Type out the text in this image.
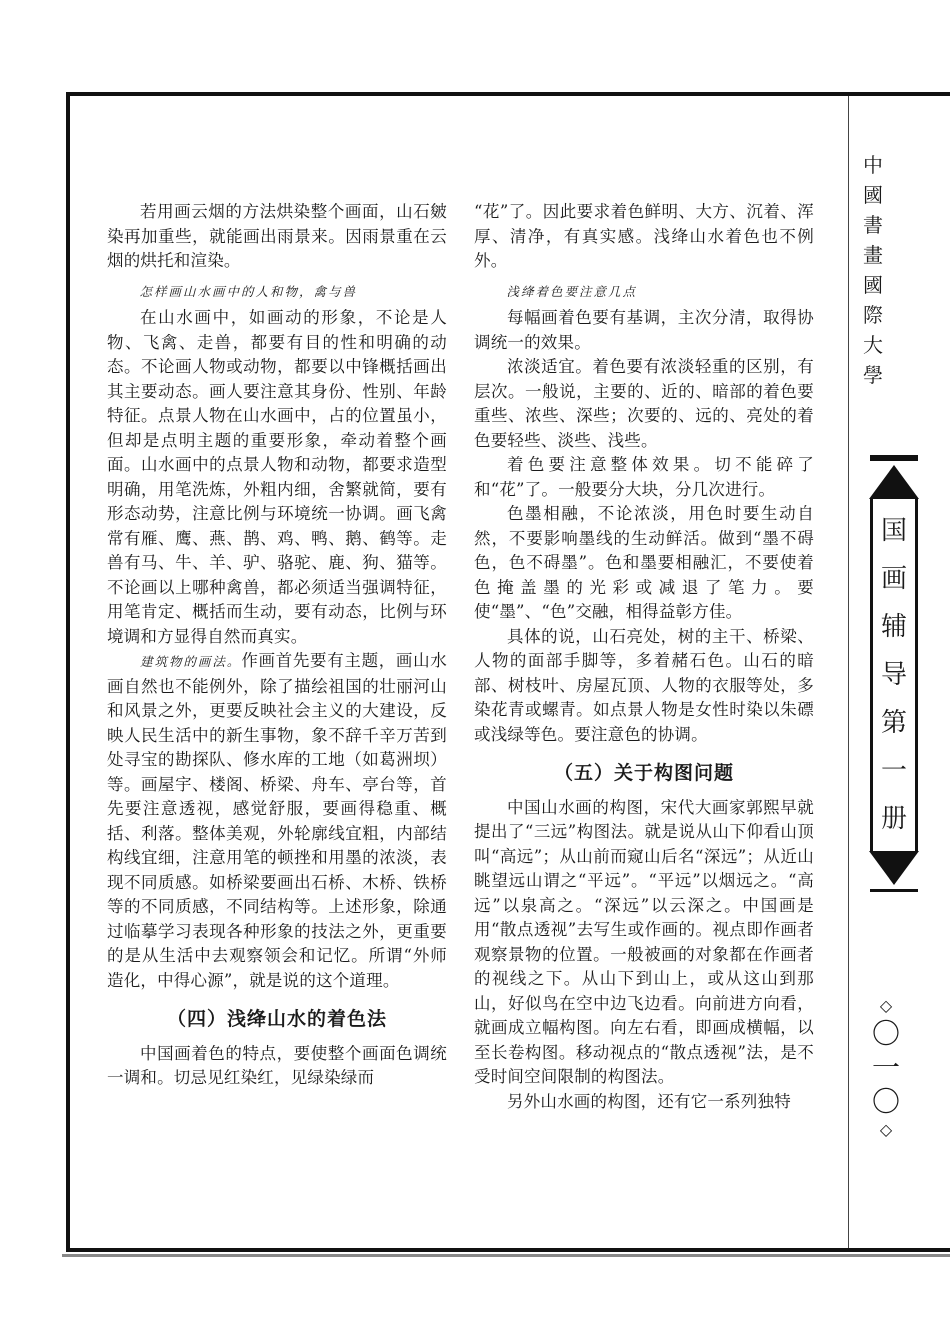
若用画云烟的方法烘染整个画面，山石皴染再加重些，就能画出雨景来。因雨景重在云烟的烘托和渲染。

怎样画山水画中的人和物，禽与兽

在山水画中，如画动的形象，不论是人物、飞禽、走兽，都要有目的性和明确的动态。不论画人物或动物，都要以中锋概括画出其主要动态。画人要注意其身份、性别、年龄特征。点景人物在山水画中，占的位置虽小，但却是点明主题的重要形象，牵动着整个画面。山水画中的点景人物和动物，都要求造型明确，用笔洗炼，外粗内细，舍繁就简，要有形态动势，注意比例与环境统一协调。画飞禽常有雁、鹰、燕、鹊、鸡、鸭、鹅、鹤等。走兽有马、牛、羊、驴、骆驼、鹿、狗、猫等。不论画以上哪种禽兽，都必须适当强调特征，用笔肯定、概括而生动，要有动态，比例与环境调和方显得自然而真实。

建筑物的画法。作画首先要有主题，画山水画自然也不能例外，除了描绘祖国的壮丽河山和风景之外，更要反映社会主义的大建设，反映人民生活中的新生事物，象不辞千辛万苦到处寻宝的勘探队、修水库的工地（如葛洲坝）等。画屋宇、楼阁、桥梁、舟车、亭台等，首先要注意透视，感觉舒服，要画得稳重、概括、利落。整体美观，外轮廓线宜粗，内部结构线宜细，注意用笔的顿挫和用墨的浓淡，表现不同质感。如桥梁要画出石桥、木桥、铁桥等的不同质感，不同结构等。上述形象，除通过临摹学习表现各种形象的技法之外，更重要的是从生活中去观察领会和记忆。所谓“外师造化，中得心源”，就是说的这个道理。

（四）浅绛山水的着色法

中国画着色的特点，要使整个画面色调统一调和。切忌见红染红，见绿染绿而

“花”了。因此要求着色鲜明、大方、沉着、浑厚、清净，有真实感。浅绛山水着色也不例外。

浅绛着色要注意几点

每幅画着色要有基调，主次分清，取得协调统一的效果。

浓淡适宜。着色要有浓淡轻重的区别，有层次。一般说，主要的、近的、暗部的着色要重些、浓些、深些；次要的、远的、亮处的着色要轻些、淡些、浅些。

着色要注意整体效果。切不能碎了和“花”了。一般要分大块，分几次进行。

色墨相融，不论浓淡，用色时要生动自然，不要影响墨线的生动鲜活。做到“墨不碍色，色不碍墨”。色和墨要相融汇，不要使着色掩盖墨的光彩或减退了笔力。要使“墨”、“色”交融，相得益彰方佳。

具体的说，山石亮处，树的主干、桥梁、人物的面部手脚等，多着赭石色。山石的暗部、树枝叶、房屋瓦顶、人物的衣服等处，多染花青或螺青。如点景人物是女性时染以朱磦或浅绿等色。要注意色的协调。

（五）关于构图问题

中国山水画的构图，宋代大画家郭熙早就提出了“三远”构图法。就是说从山下仰看山顶叫“高远”；从山前而窥山后名“深远”；从近山眺望远山谓之“平远”。“平远”以烟远之。“高远”以泉高之。“深远”以云深之。中国画是用“散点透视”去写生或作画的。视点即作画者观察景物的位置。一般被画的对象都在作画者的视线之下。从山下到山上，或从这山到那山，好似鸟在空中边飞边看。向前进方向看，就画成立幅构图。向左右看，即画成横幅，以至长卷构图。移动视点的“散点透视”法，是不受时间空间限制的构图法。

另外山水画的构图，还有它一系列独特

中
國
書
畫
國
際
大
學
国
画
辅
导
第
一
册
◇
〇
一
〇
◇
